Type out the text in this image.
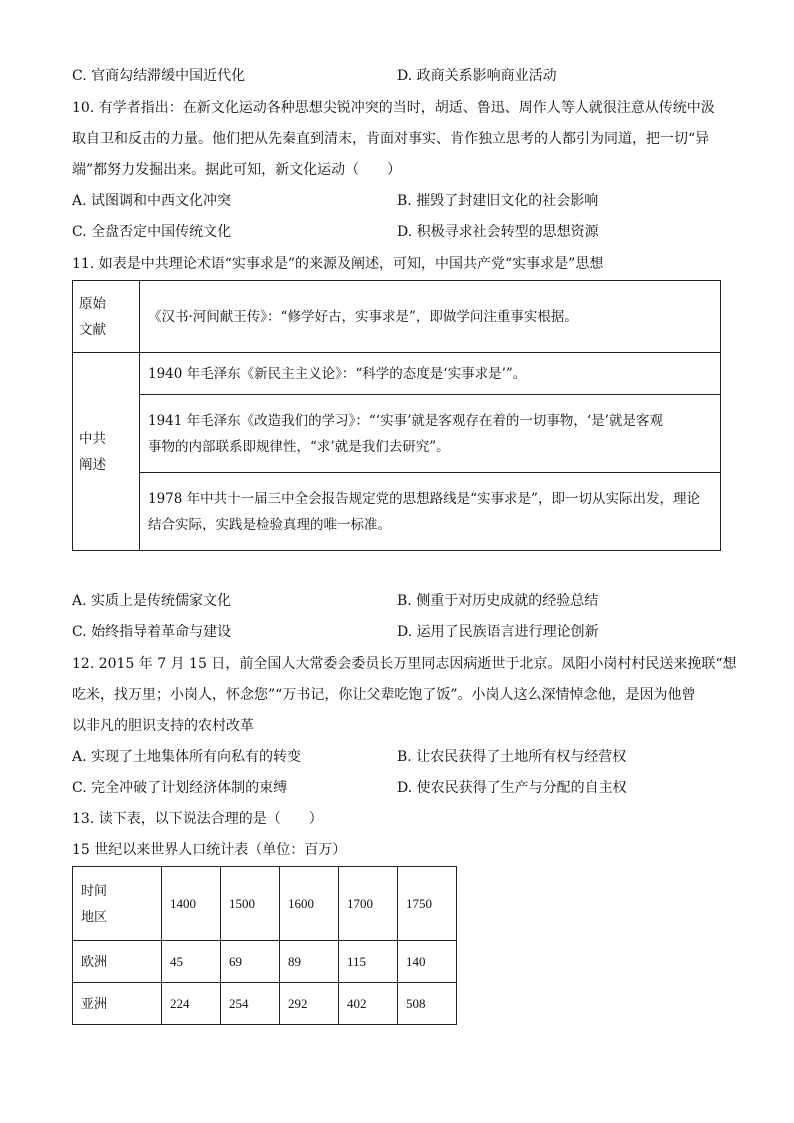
C. 官商勾结滞缓中国近代化	D. 政商关系影响商业活动
10. 有学者指出：在新文化运动各种思想尖锐冲突的当时，胡适、鲁迅、周作人等人就很注意从传统中汲
取自卫和反击的力量。他们把从先秦直到清末，肯面对事实、肯作独立思考的人都引为同道，把一切“异
端”都努力发掘出来。据此可知，新文化运动（　　）
A. 试图调和中西文化冲突	B. 摧毁了封建旧文化的社会影响
C. 全盘否定中国传统文化	D. 积极寻求社会转型的思想资源
11. 如表是中共理论术语“实事求是”的来源及阐述，可知，中国共产党“实事求是”思想
原始
文献	《汉书·河间献王传》：“修学好古，实事求是”，即做学问注重事实根据。

中共
阐述	1940 年毛泽东《新民主主义论》：“科学的态度是‘实事求是’”。

	1941 年毛泽东《改造我们的学习》：“‘实事’就是客观存在着的一切事物，‘是’就是客观
事物的内部联系即规律性，“求’就是我们去研究”。

	1978 年中共十一届三中全会报告规定党的思想路线是“实事求是”，即一切从实际出发，理论
结合实际，实践是检验真理的唯一标准。
A. 实质上是传统儒家文化	B. 侧重于对历史成就的经验总结
C. 始终指导着革命与建设	D. 运用了民族语言进行理论创新
12. 2015 年 7 月 15 日，前全国人大常委会委员长万里同志因病逝世于北京。凤阳小岗村村民送来挽联“想
吃米，找万里；小岗人，怀念您”“万书记，你让父辈吃饱了饭”。小岗人这么深情悼念他，是因为他曾
以非凡的胆识支持的农村改革
A. 实现了土地集体所有向私有的转变	B. 让农民获得了土地所有权与经营权
C. 完全冲破了计划经济体制的束缚	D. 使农民获得了生产与分配的自主权
13. 读下表，以下说法合理的是（　　）
15 世纪以来世界人口统计表（单位：百万）
时间
地区	1400	1500	1600	1700	1750
欧洲	45	69	89	115	140
亚洲	224	254	292	402	508
